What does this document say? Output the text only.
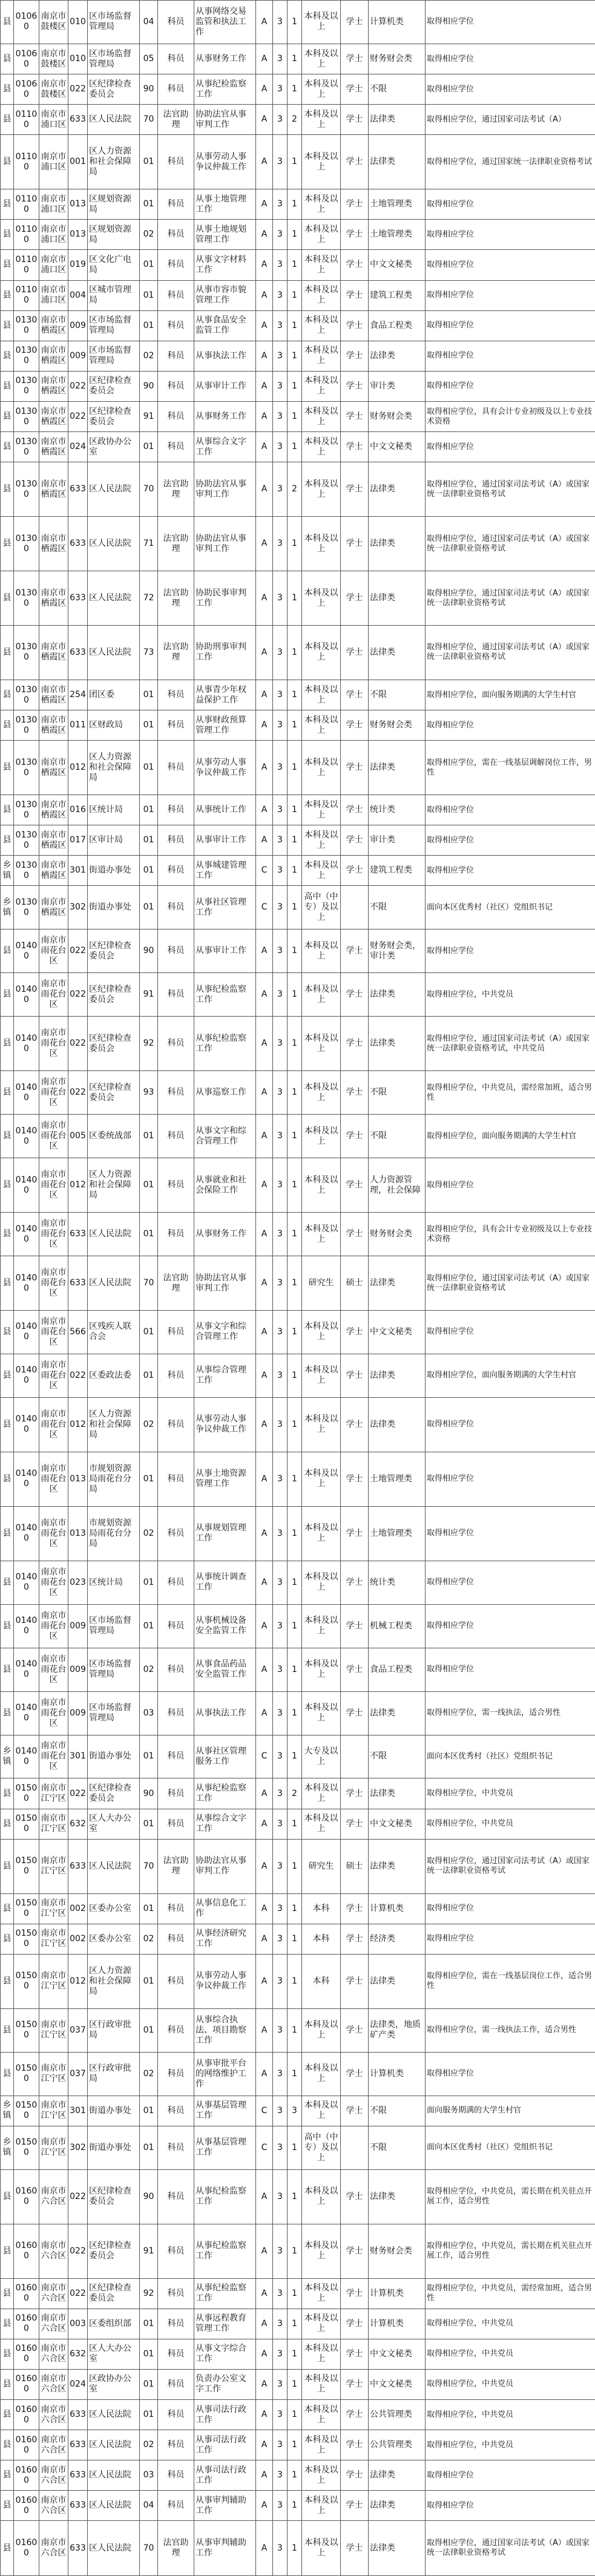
县	01060	南京市鼓楼区	010	区市场监督管理局	04	科员	从事网络交易监管和执法工作	A	3	1	本科及以上	学士	计算机类	取得相应学位
县	01060	南京市鼓楼区	010	区市场监督管理局	05	科员	从事财务工作	A	3	1	本科及以上	学士	财务财会类	取得相应学位
县	01060	南京市鼓楼区	022	区纪律检查委员会	90	科员	从事纪检监察工作	A	3	1	本科及以上	学士	不限	取得相应学位
县	01100	南京市浦口区	633	区人民法院	70	法官助理	协助法官从事审判工作	A	3	2	本科及以上	学士	法律类	取得相应学位，通过国家司法考试（A）
县	01100	南京市浦口区	001	区人力资源和社会保障局	01	科员	从事劳动人事争议仲裁工作	A	3	1	本科及以上	学士	法律类	取得相应学位，通过国家统一法律职业资格考试
县	01100	南京市浦口区	013	区规划资源局	01	科员	从事土地管理工作	A	3	1	本科及以上	学士	土地管理类	取得相应学位
县	01100	南京市浦口区	013	区规划资源局	02	科员	从事土地规划管理工作	A	3	1	本科及以上	学士	土地管理类	取得相应学位
县	01100	南京市浦口区	019	区文化广电局	01	科员	从事文字材料工作	A	3	1	本科及以上	学士	中文文秘类	取得相应学位
县	01100	南京市浦口区	004	区城市管理局	01	科员	从事市容市貌管理工作	A	3	1	本科及以上	学士	建筑工程类	取得相应学位
县	01300	南京市栖霞区	009	区市场监督管理局	01	科员	从事食品安全监管工作	A	3	1	本科及以上	学士	食品工程类	取得相应学位
县	01300	南京市栖霞区	009	区市场监督管理局	02	科员	从事执法工作	A	3	1	本科及以上	学士	法律类	取得相应学位
县	01300	南京市栖霞区	022	区纪律检查委员会	90	科员	从事审计工作	A	3	1	本科及以上	学士	审计类	取得相应学位
县	01300	南京市栖霞区	022	区纪律检查委员会	91	科员	从事财务工作	A	3	1	本科及以上	学士	财务财会类	取得相应学位，具有会计专业初级及以上专业技术资格
县	01300	南京市栖霞区	024	区政协办公室	01	科员	从事综合文字工作	A	3	1	本科及以上	学士	中文文秘类	取得相应学位
县	01300	南京市栖霞区	633	区人民法院	70	法官助理	协助法官从事审判工作	A	3	2	本科及以上	学士	法律类	取得相应学位，通过国家司法考试（A）或国家统一法律职业资格考试
县	01300	南京市栖霞区	633	区人民法院	71	法官助理	协助法官从事审判工作	A	3	1	本科及以上	学士	法律类	取得相应学位，通过国家司法考试（A）或国家统一法律职业资格考试
县	01300	南京市栖霞区	633	区人民法院	72	法官助理	协助民事审判工作	A	3	1	本科及以上	学士	法律类	取得相应学位，通过国家司法考试（A）或国家统一法律职业资格考试
县	01300	南京市栖霞区	633	区人民法院	73	法官助理	协助刑事审判工作	A	3	1	本科及以上	学士	法律类	取得相应学位，通过国家司法考试（A）或国家统一法律职业资格考试
县	01300	南京市栖霞区	254	团区委	01	科员	从事青少年权益保护工作	A	3	1	本科及以上	学士	不限	取得相应学位，面向服务期满的大学生村官
县	01300	南京市栖霞区	011	区财政局	01	科员	从事财政预算管理工作	A	3	1	本科及以上	学士	财务财会类	取得相应学位
县	01300	南京市栖霞区	012	区人力资源和社会保障局	01	科员	从事劳动人事争议仲裁工作	A	3	1	本科及以上	学士	法律类	取得相应学位，需在一线基层调解岗位工作，男性
县	01300	南京市栖霞区	016	区统计局	01	科员	从事统计工作	A	3	1	本科及以上	学士	统计类	取得相应学位
县	01300	南京市栖霞区	017	区审计局	01	科员	从事审计工作	A	3	1	本科及以上	学士	审计类	取得相应学位
乡镇	01300	南京市栖霞区	301	街道办事处	01	科员	从事城建管理工作	C	3	1	本科及以上	学士	建筑工程类	取得相应学位
乡镇	01300	南京市栖霞区	302	街道办事处	01	科员	从事社区管理工作	C	3	1	高中（中专）及以上		不限	面向本区优秀村（社区）党组织书记
县	01400	南京市雨花台区	022	区纪律检查委员会	90	科员	从事审计工作	A	3	1	本科及以上	学士	财务财会类，审计类	取得相应学位
县	01400	南京市雨花台区	022	区纪律检查委员会	91	科员	从事纪检监察工作	A	3	1	本科及以上	学士	法律类	取得相应学位，中共党员
县	01400	南京市雨花台区	022	区纪律检查委员会	92	科员	从事纪检监察工作	A	3	1	本科及以上	学士	法律类	取得相应学位，通过国家司法考试（A）或国家统一法律职业资格考试，中共党员
县	01400	南京市雨花台区	022	区纪律检查委员会	93	科员	从事巡察工作	A	3	1	本科及以上	学士	不限	取得相应学位，中共党员，需经常加班，适合男性
县	01400	南京市雨花台区	005	区委统战部	01	科员	从事文字和综合管理工作	A	3	1	本科及以上	学士	不限	取得相应学位，面向服务期满的大学生村官
县	01400	南京市雨花台区	012	区人力资源和社会保障局	01	科员	从事就业和社会保险工作	A	3	1	本科及以上	学士	人力资源管理，社会保障	取得相应学位
县	01400	南京市雨花台区	633	区人民法院	01	科员	从事财务工作	A	3	1	本科及以上	学士	财务财会类	取得相应学位，具有会计专业初级及以上专业技术资格
县	01400	南京市雨花台区	633	区人民法院	70	法官助理	协助法官从事审判工作	A	3	1	研究生	硕士	法律类	取得相应学位，通过国家司法考试（A）或国家统一法律职业资格考试
县	01400	南京市雨花台区	566	区残疾人联合会	01	科员	从事文字和综合管理工作	A	3	1	本科及以上	学士	中文文秘类	取得相应学位
县	01400	南京市雨花台区	022	区委政法委	01	科员	从事综合管理工作	A	3	1	本科及以上	学士	法律类	取得相应学位，面向服务期满的大学生村官
县	01400	南京市雨花台区	012	区人力资源和社会保障局	02	科员	从事劳动人事争议仲裁工作	A	3	1	本科及以上	学士	法律类	取得相应学位
县	01400	南京市雨花台区	013	市规划资源局雨花台分局	01	科员	从事土地资源管理工作	A	3	1	本科及以上	学士	土地管理类	取得相应学位
县	01400	南京市雨花台区	013	市规划资源局雨花台分局	02	科员	从事规划管理工作	A	3	1	本科及以上	学士	土地管理类	取得相应学位
县	01400	南京市雨花台区	023	区统计局	01	科员	从事统计调查工作	A	3	1	本科及以上	学士	统计类	取得相应学位
县	01400	南京市雨花台区	009	区市场监督管理局	01	科员	从事机械设备安全监管工作	A	3	1	本科及以上	学士	机械工程类	取得相应学位
县	01400	南京市雨花台区	009	区市场监督管理局	02	科员	从事食品药品安全监管工作	A	3	1	本科及以上	学士	食品工程类	取得相应学位
县	01400	南京市雨花台区	009	区市场监督管理局	03	科员	从事执法工作	A	3	1	本科及以上	学士	法律类	取得相应学位，需一线执法，适合男性
乡镇	01400	南京市雨花台区	301	街道办事处	01	科员	从事社区管理服务工作	C	3	1	大专及以上		不限	面向本区优秀村（社区）党组织书记
县	01500	南京市江宁区	022	区纪律检查委员会	90	科员	从事纪检监察工作	A	3	2	本科及以上	学士	法律类	取得相应学位，中共党员
县	01500	南京市江宁区	632	区人大办公室	01	科员	从事综合文字工作	A	3	1	本科及以上	学士	中文文秘类	取得相应学位，中共党员
县	01500	南京市江宁区	633	区人民法院	70	法官助理	协助法官从事审判工作	A	3	1	研究生	硕士	法律类	取得相应学位，通过国家司法考试（A）或国家统一法律职业资格考试
县	01500	南京市江宁区	002	区委办公室	01	科员	从事信息化工作	A	3	1	本科	学士	计算机类	取得相应学位
县	01500	南京市江宁区	002	区委办公室	02	科员	从事经济研究工作	A	3	1	本科	学士	经济类	取得相应学位
县	01500	南京市江宁区	012	区人力资源和社会保障局	01	科员	从事劳动人事争议仲裁工作	A	3	1	本科	学士	法律类	取得相应学位，需在一线基层岗位工作，适合男性
县	01500	南京市江宁区	037	区行政审批局	01	科员	从事综合执法、项目勘察工作	A	3	1	本科及以上	学士	法律类，地质矿产类	取得相应学位，需一线执法工作，适合男性
县	01500	南京市江宁区	037	区行政审批局	02	科员	从事审批平台的网络维护工作	A	3	1	本科及以上	学士	计算机类	取得相应学位
乡镇	01500	南京市江宁区	301	街道办事处	01	科员	从事基层管理工作	C	3	3	本科及以上	学士	不限	面向服务期满的大学生村官
乡镇	01500	南京市江宁区	302	街道办事处	01	科员	从事基层管理工作	C	3	1	高中（中专）及以上		不限	面向本区优秀村（社区）党组织书记
县	01600	南京市六合区	022	区纪律检查委员会	90	科员	从事纪检监察工作	A	3	1	本科及以上	学士	法律类	取得相应学位，中共党员，需长期在机关驻点开展工作，适合男性
县	01600	南京市六合区	022	区纪律检查委员会	91	科员	从事纪检监察工作	A	3	1	本科及以上	学士	财务财会类	取得相应学位，中共党员，需长期在机关驻点开展工作，适合男性
县	01600	南京市六合区	022	区纪律检查委员会	92	科员	从事纪检监察工作	A	3	1	本科及以上	学士	计算机类	取得相应学位，中共党员，需经常加班，适合男性
县	01600	南京市六合区	003	区委组织部	01	科员	从事远程教育管理工作	A	3	1	本科及以上	学士	计算机类	取得相应学位，中共党员
县	01600	南京市六合区	632	区人大办公室	01	科员	从事文字综合工作	A	3	1	本科及以上	学士	中文文秘类	取得相应学位，中共党员
县	01600	南京市六合区	024	区政协办公室	01	科员	负责办公室文字工作	A	3	1	本科及以上	学士	中文文秘类	取得相应学位，中共党员
县	01600	南京市六合区	633	区人民法院	01	科员	从事司法行政工作	A	3	1	本科及以上	学士	公共管理类	取得相应学位，中共党员
县	01600	南京市六合区	633	区人民法院	02	科员	从事司法行政工作	A	3	1	本科及以上	学士	公共管理类	取得相应学位，中共党员
县	01600	南京市六合区	633	区人民法院	03	科员	从事司法行政工作	A	3	1	本科及以上	学士	法律类	取得相应学位
县	01600	南京市六合区	633	区人民法院	04	科员	从事审判辅助工作	A	3	1	本科及以上	学士	法律类	取得相应学位
县	01600	南京市六合区	633	区人民法院	70	法官助理	从事审判辅助工作	A	3	1	本科及以上	学士	法律类	取得相应学位，通过国家司法考试（A）或国家统一法律职业资格考试
